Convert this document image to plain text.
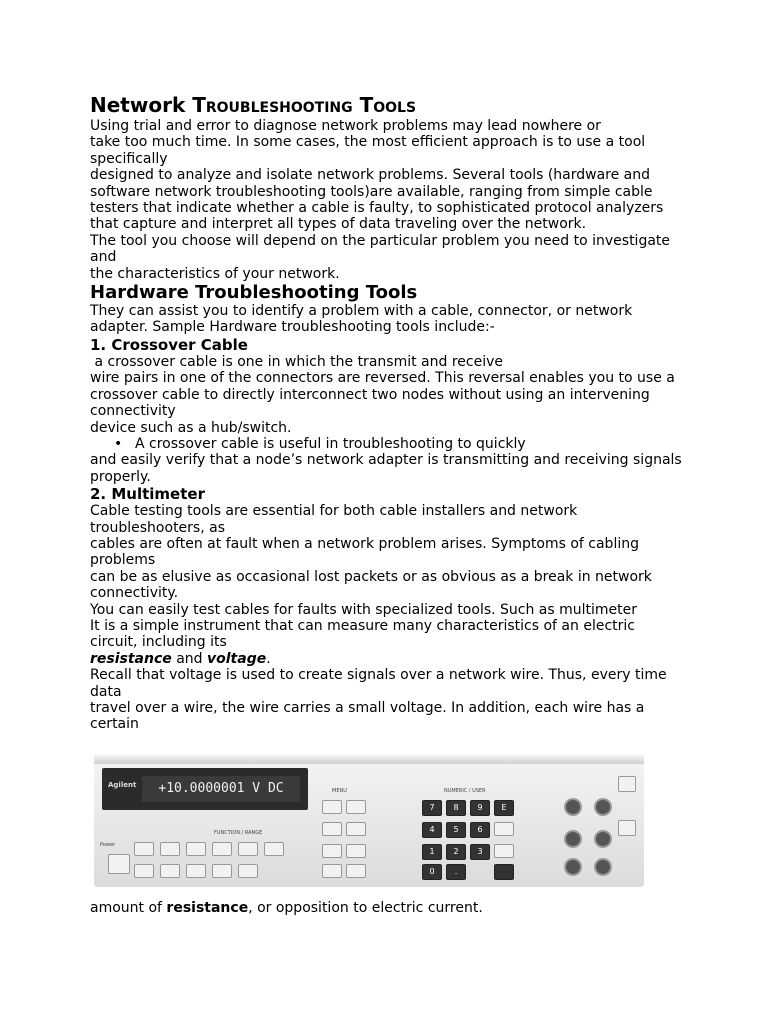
Network Troubleshooting Tools

Using trial and error to diagnose network problems may lead nowhere or

take too much time. In some cases, the most efficient approach is to use a tool

specifically

designed to analyze and isolate network problems. Several tools (hardware and

software network troubleshooting tools)are available, ranging from simple cable

testers that indicate whether a cable is faulty, to sophisticated protocol analyzers

that capture and interpret all types of data traveling over the network.

The tool you choose will depend on the particular problem you need to investigate

and

the characteristics of your network.

Hardware Troubleshooting Tools

They can assist you to identify a problem with a cable, connector, or network

adapter. Sample Hardware troubleshooting tools include:-

1. Crossover Cable

a crossover cable is one in which the transmit and receive

wire pairs in one of the connectors are reversed. This reversal enables you to use a

crossover cable to directly interconnect two nodes without using an intervening

connectivity

device such as a hub/switch.

• A crossover cable is useful in troubleshooting to quickly

and easily verify that a node’s network adapter is transmitting and receiving signals

properly.

2. Multimeter

Cable testing tools are essential for both cable installers and network

troubleshooters, as

cables are often at fault when a network problem arises. Symptoms of cabling

problems

can be as elusive as occasional lost packets or as obvious as a break in network

connectivity.

You can easily test cables for faults with specialized tools. Such as multimeter

It is a simple instrument that can measure many characteristics of an electric

circuit, including its

resistance and voltage.

Recall that voltage is used to create signals over a network wire. Thus, every time

data

travel over a wire, the wire carries a small voltage. In addition, each wire has a

certain

Agilent	+10.0000001 V DC
FUNCTION / RANGE
Power
MENU	NUMERIC / USER
7	8	9	E
4	5	6
1	2	3
0	.

amount of resistance, or opposition to electric current.
